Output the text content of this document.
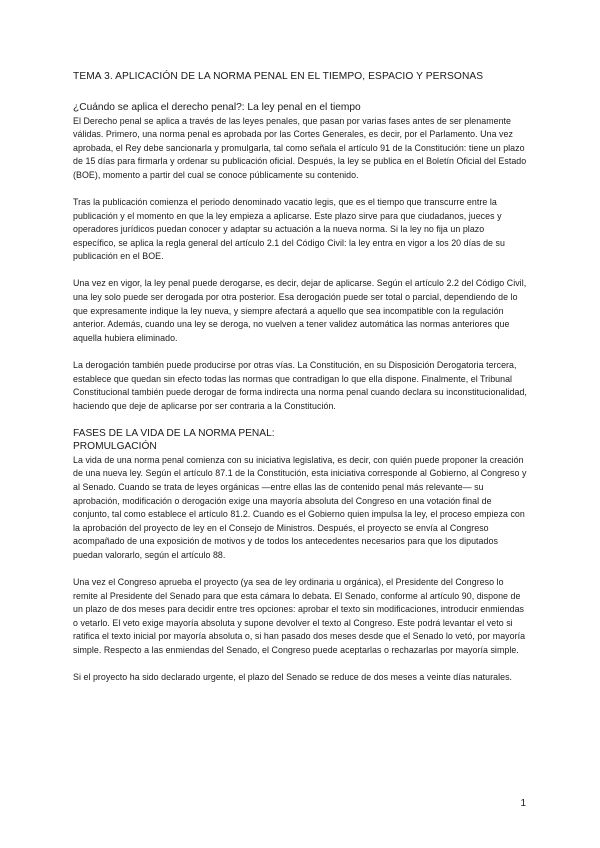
TEMA 3. APLICACIÓN DE LA NORMA PENAL EN EL TIEMPO, ESPACIO Y PERSONAS
¿Cuándo se aplica el derecho penal?: La ley penal en el tiempo

El Derecho penal se aplica a través de las leyes penales, que pasan por varias fases antes de ser plenamente válidas. Primero, una norma penal es aprobada por las Cortes Generales, es decir, por el Parlamento. Una vez aprobada, el Rey debe sancionarla y promulgarla, tal como señala el artículo 91 de la Constitución: tiene un plazo de 15 días para firmarla y ordenar su publicación oficial. Después, la ley se publica en el Boletín Oficial del Estado (BOE), momento a partir del cual se conoce públicamente su contenido.

Tras la publicación comienza el periodo denominado vacatio legis, que es el tiempo que transcurre entre la publicación y el momento en que la ley empieza a aplicarse. Este plazo sirve para que ciudadanos, jueces y operadores jurídicos puedan conocer y adaptar su actuación a la nueva norma. Si la ley no fija un plazo específico, se aplica la regla general del artículo 2.1 del Código Civil: la ley entra en vigor a los 20 días de su publicación en el BOE.

Una vez en vigor, la ley penal puede derogarse, es decir, dejar de aplicarse. Según el artículo 2.2 del Código Civil, una ley solo puede ser derogada por otra posterior. Esa derogación puede ser total o parcial, dependiendo de lo que expresamente indique la ley nueva, y siempre afectará a aquello que sea incompatible con la regulación anterior. Además, cuando una ley se deroga, no vuelven a tener validez automática las normas anteriores que aquella hubiera eliminado.

La derogación también puede producirse por otras vías. La Constitución, en su Disposición Derogatoria tercera, establece que quedan sin efecto todas las normas que contradigan lo que ella dispone. Finalmente, el Tribunal Constitucional también puede derogar de forma indirecta una norma penal cuando declara su inconstitucionalidad, haciendo que deje de aplicarse por ser contraria a la Constitución.

FASES DE LA VIDA DE LA NORMA PENAL:
PROMULGACIÓN

La vida de una norma penal comienza con su iniciativa legislativa, es decir, con quién puede proponer la creación de una nueva ley. Según el artículo 87.1 de la Constitución, esta iniciativa corresponde al Gobierno, al Congreso y al Senado. Cuando se trata de leyes orgánicas —entre ellas las de contenido penal más relevante— su aprobación, modificación o derogación exige una mayoría absoluta del Congreso en una votación final de conjunto, tal como establece el artículo 81.2. Cuando es el Gobierno quien impulsa la ley, el proceso empieza con la aprobación del proyecto de ley en el Consejo de Ministros. Después, el proyecto se envía al Congreso acompañado de una exposición de motivos y de todos los antecedentes necesarios para que los diputados puedan valorarlo, según el artículo 88.

Una vez el Congreso aprueba el proyecto (ya sea de ley ordinaria u orgánica), el Presidente del Congreso lo remite al Presidente del Senado para que esta cámara lo debata. El Senado, conforme al artículo 90, dispone de un plazo de dos meses para decidir entre tres opciones: aprobar el texto sin modificaciones, introducir enmiendas o vetarlo. El veto exige mayoría absoluta y supone devolver el texto al Congreso. Este podrá levantar el veto si ratifica el texto inicial por mayoría absoluta o, si han pasado dos meses desde que el Senado lo vetó, por mayoría simple. Respecto a las enmiendas del Senado, el Congreso puede aceptarlas o rechazarlas por mayoría simple.

Si el proyecto ha sido declarado urgente, el plazo del Senado se reduce de dos meses a veinte días naturales.

1
